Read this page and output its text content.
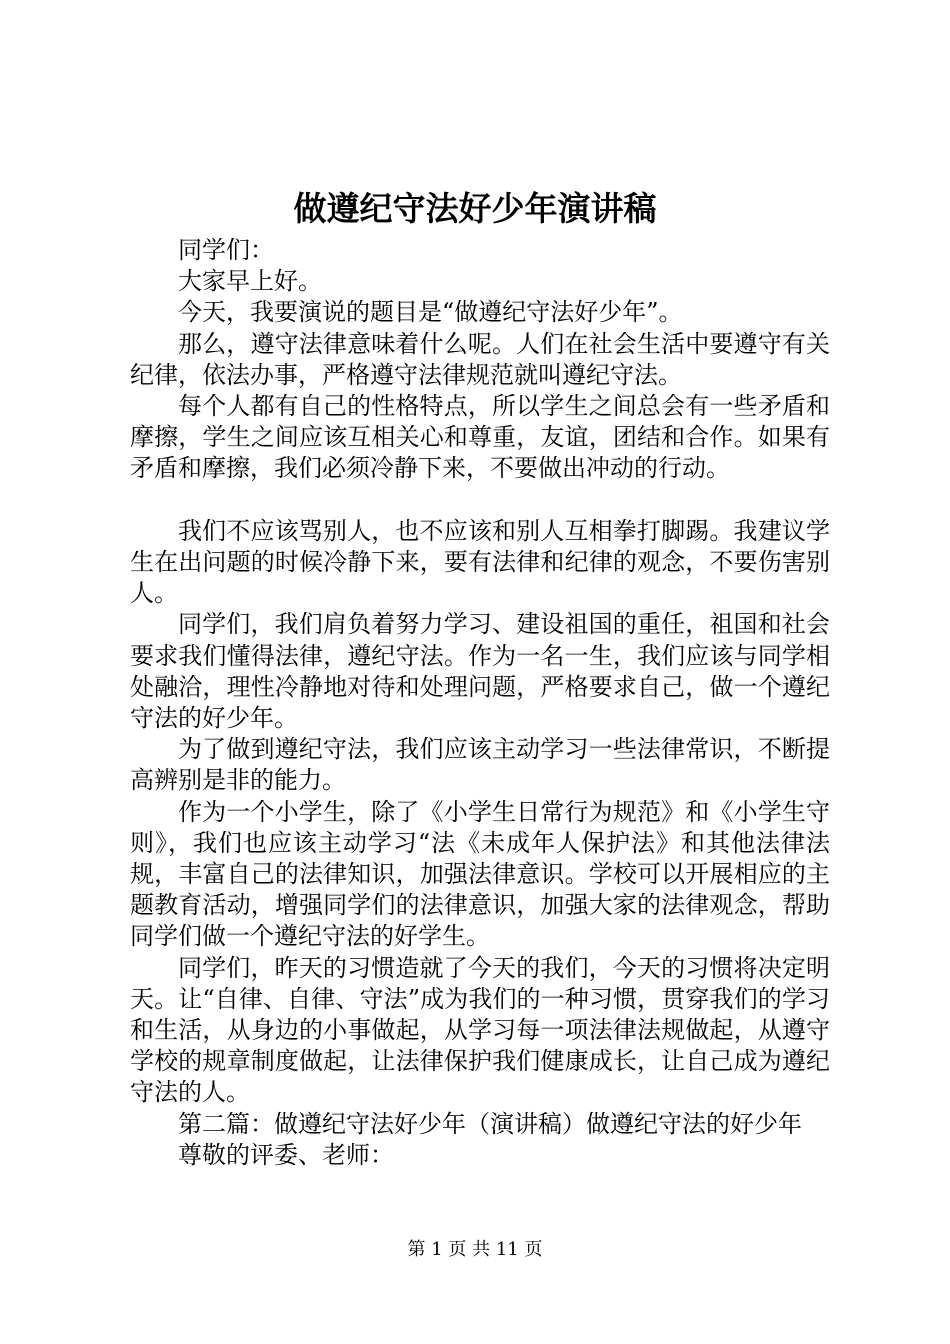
做遵纪守法好少年演讲稿

同学们：

大家早上好。

今天，我要演说的题目是“做遵纪守法好少年”。

那么，遵守法律意味着什么呢。人们在社会生活中要遵守有关纪律，依法办事，严格遵守法律规范就叫遵纪守法。

每个人都有自己的性格特点，所以学生之间总会有一些矛盾和摩擦，学生之间应该互相关心和尊重，友谊，团结和合作。如果有矛盾和摩擦，我们必须冷静下来，不要做出冲动的行动。

我们不应该骂别人，也不应该和别人互相拳打脚踢。我建议学生在出问题的时候冷静下来，要有法律和纪律的观念，不要伤害别人。

同学们，我们肩负着努力学习、建设祖国的重任，祖国和社会要求我们懂得法律，遵纪守法。作为一名一生，我们应该与同学相处融洽，理性冷静地对待和处理问题，严格要求自己，做一个遵纪守法的好少年。

为了做到遵纪守法，我们应该主动学习一些法律常识，不断提高辨别是非的能力。

作为一个小学生，除了《小学生日常行为规范》和《小学生守则》，我们也应该主动学习“法《未成年人保护法》和其他法律法规，丰富自己的法律知识，加强法律意识。学校可以开展相应的主题教育活动，增强同学们的法律意识，加强大家的法律观念，帮助同学们做一个遵纪守法的好学生。

同学们，昨天的习惯造就了今天的我们，今天的习惯将决定明天。让“自律、自律、守法”成为我们的一种习惯，贯穿我们的学习和生活，从身边的小事做起，从学习每一项法律法规做起，从遵守学校的规章制度做起，让法律保护我们健康成长，让自己成为遵纪守法的人。

第二篇：做遵纪守法好少年（演讲稿）做遵纪守法的好少年

尊敬的评委、老师：

第 1 页 共 11 页
